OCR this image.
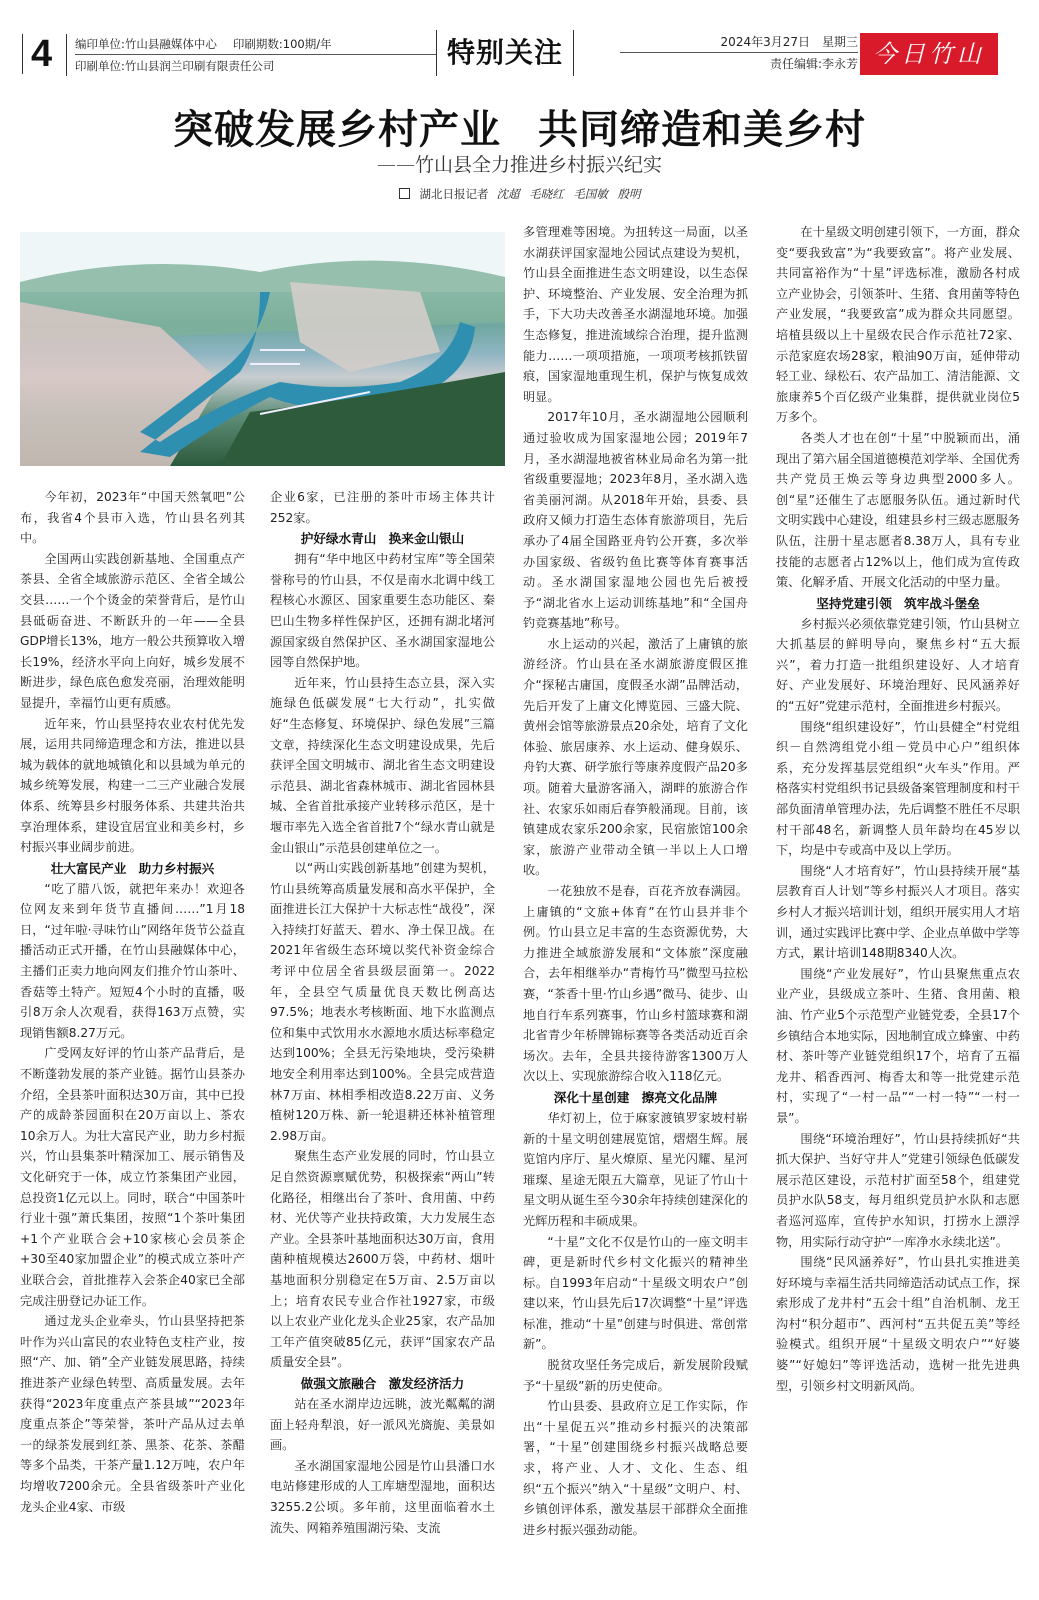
4 编印单位:竹山县融媒体中心 印刷期数:100期/年
印刷单位:竹山县润兰印刷有限责任公司	特别关注	2024年3月27日　星期三
责任编辑:李永芳 今日竹山
突破发展乡村产业 共同缔造和美乡村
——竹山县全力推进乡村振兴纪实
湖北日报记者 沈超 毛晓红 毛国敏 殷明

今年初，2023年“中国天然氧吧”公布，我省4个县市入选，竹山县名列其中。

全国两山实践创新基地、全国重点产茶县、全省全域旅游示范区、全省全域公交县……一个个烫金的荣誉背后，是竹山县砥砺奋进、不断跃升的一年——全县GDP增长13%，地方一般公共预算收入增长19%，经济水平向上向好，城乡发展不断进步，绿色底色愈发亮丽，治理效能明显提升，幸福竹山更有质感。

近年来，竹山县坚持农业农村优先发展，运用共同缔造理念和方法，推进以县城为载体的就地城镇化和以县域为单元的城乡统筹发展，构建一二三产业融合发展体系、统筹县乡村服务体系、共建共治共享治理体系，建设宜居宜业和美乡村，乡村振兴事业阔步前进。

壮大富民产业 助力乡村振兴

“吃了腊八饭，就把年来办！欢迎各位网友来到年货节直播间……”1月18日，“过年啦·寻味竹山”网络年货节公益直播活动正式开播，在竹山县融媒体中心，主播们正卖力地向网友们推介竹山茶叶、香菇等土特产。短短4个小时的直播，吸引8万余人次观看，获得163万点赞，实现销售额8.27万元。

广受网友好评的竹山茶产品背后，是不断蓬勃发展的茶产业链。据竹山县茶办介绍，全县茶叶面积达30万亩，其中已投产的成龄茶园面积在20万亩以上、茶农10余万人。为壮大富民产业，助力乡村振兴，竹山县集茶叶精深加工、展示销售及文化研究于一体，成立竹茶集团产业园，总投资1亿元以上。同时，联合“中国茶叶行业十强”萧氏集团，按照“1个茶叶集团+1个产业联合会+10家核心会员茶企+30至40家加盟企业”的模式成立茶叶产业联合会，首批推荐入会茶企40家已全部完成注册登记办证工作。

通过龙头企业牵头，竹山县坚持把茶叶作为兴山富民的农业特色支柱产业，按照“产、加、销”全产业链发展思路，持续推进茶产业绿色转型、高质量发展。去年获得“2023年度重点产茶县域”“2023年度重点茶企”等荣誉，茶叶产品从过去单一的绿茶发展到红茶、黑茶、花茶、茶醋等多个品类，干茶产量1.12万吨，农户年均增收7200余元。全县省级茶叶产业化龙头企业4家、市级

企业6家，已注册的茶叶市场主体共计252家。

护好绿水青山 换来金山银山

拥有“华中地区中药材宝库”等全国荣誉称号的竹山县，不仅是南水北调中线工程核心水源区、国家重要生态功能区、秦巴山生物多样性保护区，还拥有湖北堵河源国家级自然保护区、圣水湖国家湿地公园等自然保护地。

近年来，竹山县持生态立县，深入实施绿色低碳发展“七大行动”，扎实做好“生态修复、环境保护、绿色发展”三篇文章，持续深化生态文明建设成果，先后获评全国文明城市、湖北省生态文明建设示范县、湖北省森林城市、湖北省园林县城、全省首批承接产业转移示范区，是十堰市率先入选全省首批7个“绿水青山就是金山银山”示范县创建单位之一。

以“两山实践创新基地”创建为契机，竹山县统筹高质量发展和高水平保护，全面推进长江大保护十大标志性“战役”，深入持续打好蓝天、碧水、净土保卫战。在2021年省级生态环境以奖代补资金综合考评中位居全省县级层面第一。2022年，全县空气质量优良天数比例高达97.5%；地表水考核断面、地下水监测点位和集中式饮用水水源地水质达标率稳定达到100%；全县无污染地块，受污染耕地安全利用率达到100%。全县完成营造林7万亩、林相季相改造8.22万亩、义务植树120万株、新一轮退耕还林补植管理2.98万亩。

聚焦生态产业发展的同时，竹山县立足自然资源禀赋优势，积极探索“两山”转化路径，相继出台了茶叶、食用菌、中药材、光伏等产业扶持政策，大力发展生态产业。全县茶叶基地面积达30万亩，食用菌种植规模达2600万袋，中药材、烟叶基地面积分别稳定在5万亩、2.5万亩以上；培育农民专业合作社1927家，市级以上农业产业化龙头企业25家，农产品加工年产值突破85亿元，获评“国家农产品质量安全县”。

做强文旅融合 激发经济活力

站在圣水湖岸边远眺，波光粼粼的湖面上轻舟犁浪，好一派风光旖旎、美景如画。

圣水湖国家湿地公园是竹山县潘口水电站修建形成的人工库塘型湿地，面积达3255.2公顷。多年前，这里面临着水土流失、网箱养殖围湖污染、支流

多管理难等困境。为扭转这一局面，以圣水湖获评国家湿地公园试点建设为契机，竹山县全面推进生态文明建设，以生态保护、环境整治、产业发展、安全治理为抓手，下大功夫改善圣水湖湿地环境。加强生态修复，推进流域综合治理，提升监测能力……一项项措施，一项项考核抓铁留痕，国家湿地重现生机，保护与恢复成效明显。

2017年10月，圣水湖湿地公园顺利通过验收成为国家湿地公园；2019年7月，圣水湖湿地被省林业局命名为第一批省级重要湿地；2023年8月，圣水湖入选省美丽河湖。从2018年开始，县委、县政府又倾力打造生态体育旅游项目，先后承办了4届全国路亚舟钓公开赛，多次举办国家级、省级钓鱼比赛等体育赛事活动。圣水湖国家湿地公园也先后被授予“湖北省水上运动训练基地”和“全国舟钓竞赛基地”称号。

水上运动的兴起，激活了上庸镇的旅游经济。竹山县在圣水湖旅游度假区推介“探秘古庸国，度假圣水湖”品牌活动，先后开发了上庸文化博览园、三盛大院、黄州会馆等旅游景点20余处，培育了文化体验、旅居康养、水上运动、健身娱乐、舟钓大赛、研学旅行等康养度假产品20多项。随着大量游客涌入，湖畔的旅游合作社、农家乐如雨后春笋般涌现。目前，该镇建成农家乐200余家，民宿旅馆100余家，旅游产业带动全镇一半以上人口增收。

一花独放不是春，百花齐放春满园。上庸镇的“文旅+体育”在竹山县并非个例。竹山县立足丰富的生态资源优势，大力推进全域旅游发展和“文体旅”深度融合，去年相继举办“青梅竹马”微型马拉松赛，“茶香十里·竹山乡遇”微马、徒步、山地自行车系列赛事，竹山乡村篮球赛和湖北省青少年桥牌锦标赛等各类活动近百余场次。去年，全县共接待游客1300万人次以上、实现旅游综合收入118亿元。

深化十星创建 擦亮文化品牌

华灯初上，位于麻家渡镇罗家坡村崭新的十星文明创建展览馆，熠熠生辉。展览馆内序厅、星火燎原、星光闪耀、星河璀璨、星途无限五大篇章，见证了竹山十星文明从诞生至今30余年持续创建深化的光辉历程和丰硕成果。

“十星”文化不仅是竹山的一座文明丰碑，更是新时代乡村文化振兴的精神坐标。自1993年启动“十星级文明农户”创建以来，竹山县先后17次调整“十星”评选标准，推动“十星”创建与时俱进、常创常新”。

脱贫攻坚任务完成后，新发展阶段赋予“十星级”新的历史使命。

竹山县委、县政府立足工作实际，作出“十星促五兴”推动乡村振兴的决策部署，“十星”创建围绕乡村振兴战略总要求，将产业、人才、文化、生态、组织“五个振兴”纳入“十星级”文明户、村、乡镇创评体系，激发基层干部群众全面推进乡村振兴强劲动能。

在十星级文明创建引领下，一方面，群众变“要我致富”为“我要致富”。将产业发展、共同富裕作为“十星”评选标准，激励各村成立产业协会，引领茶叶、生猪、食用菌等特色产业发展，“我要致富”成为群众共同愿望。培植县级以上十星级农民合作示范社72家、示范家庭农场28家，粮油90万亩，延伸带动轻工业、绿松石、农产品加工、清洁能源、文旅康养5个百亿级产业集群，提供就业岗位5万多个。

各类人才也在创“十星”中脱颖而出，涌现出了第六届全国道德模范刘学举、全国优秀共产党员王焕云等身边典型2000多人。创“星”还催生了志愿服务队伍。通过新时代文明实践中心建设，组建县乡村三级志愿服务队伍，注册十星志愿者8.38万人，具有专业技能的志愿者占12%以上，他们成为宣传政策、化解矛盾、开展文化活动的中坚力量。

坚持党建引领 筑牢战斗堡垒

乡村振兴必须依靠党建引领，竹山县树立大抓基层的鲜明导向，聚焦乡村“五大振兴”，着力打造一批组织建设好、人才培育好、产业发展好、环境治理好、民风涵养好的“五好”党建示范村，全面推进乡村振兴。

围绕“组织建设好”，竹山县健全“村党组织－自然湾组党小组－党员中心户”组织体系，充分发挥基层党组织“火车头”作用。严格落实村党组织书记县级备案管理制度和村干部负面清单管理办法，先后调整不胜任不尽职村干部48名，新调整人员年龄均在45岁以下，均是中专或高中及以上学历。

围绕“人才培育好”，竹山县持续开展“基层教育百人计划”等乡村振兴人才项目。落实乡村人才振兴培训计划，组织开展实用人才培训，通过实践评比赛中学、企业点单做中学等方式，累计培训148期8340人次。

围绕“产业发展好”，竹山县聚焦重点农业产业，县级成立茶叶、生猪、食用菌、粮油、竹产业5个示范型产业链党委，全县17个乡镇结合本地实际，因地制宜成立蜂蜜、中药材、茶叶等产业链党组织17个，培育了五福龙井、稻香西河、梅香太和等一批党建示范村，实现了“一村一品”“一村一特”“一村一景”。

围绕“环境治理好”，竹山县持续抓好“共抓大保护、当好守井人”党建引领绿色低碳发展示范区建设，示范村扩面至58个，组建党员护水队58支，每月组织党员护水队和志愿者巡河巡库，宣传护水知识，打捞水上漂浮物，用实际行动守护“一库净水永续北送”。

围绕“民风涵养好”，竹山县扎实推进美好环境与幸福生活共同缔造活动试点工作，探索形成了龙井村“五会十组”自治机制、龙王沟村“积分超市”、西河村“五共促五美”等经验模式。组织开展“十星级文明农户”“好婆婆”“好媳妇”等评选活动，选树一批先进典型，引领乡村文明新风尚。
